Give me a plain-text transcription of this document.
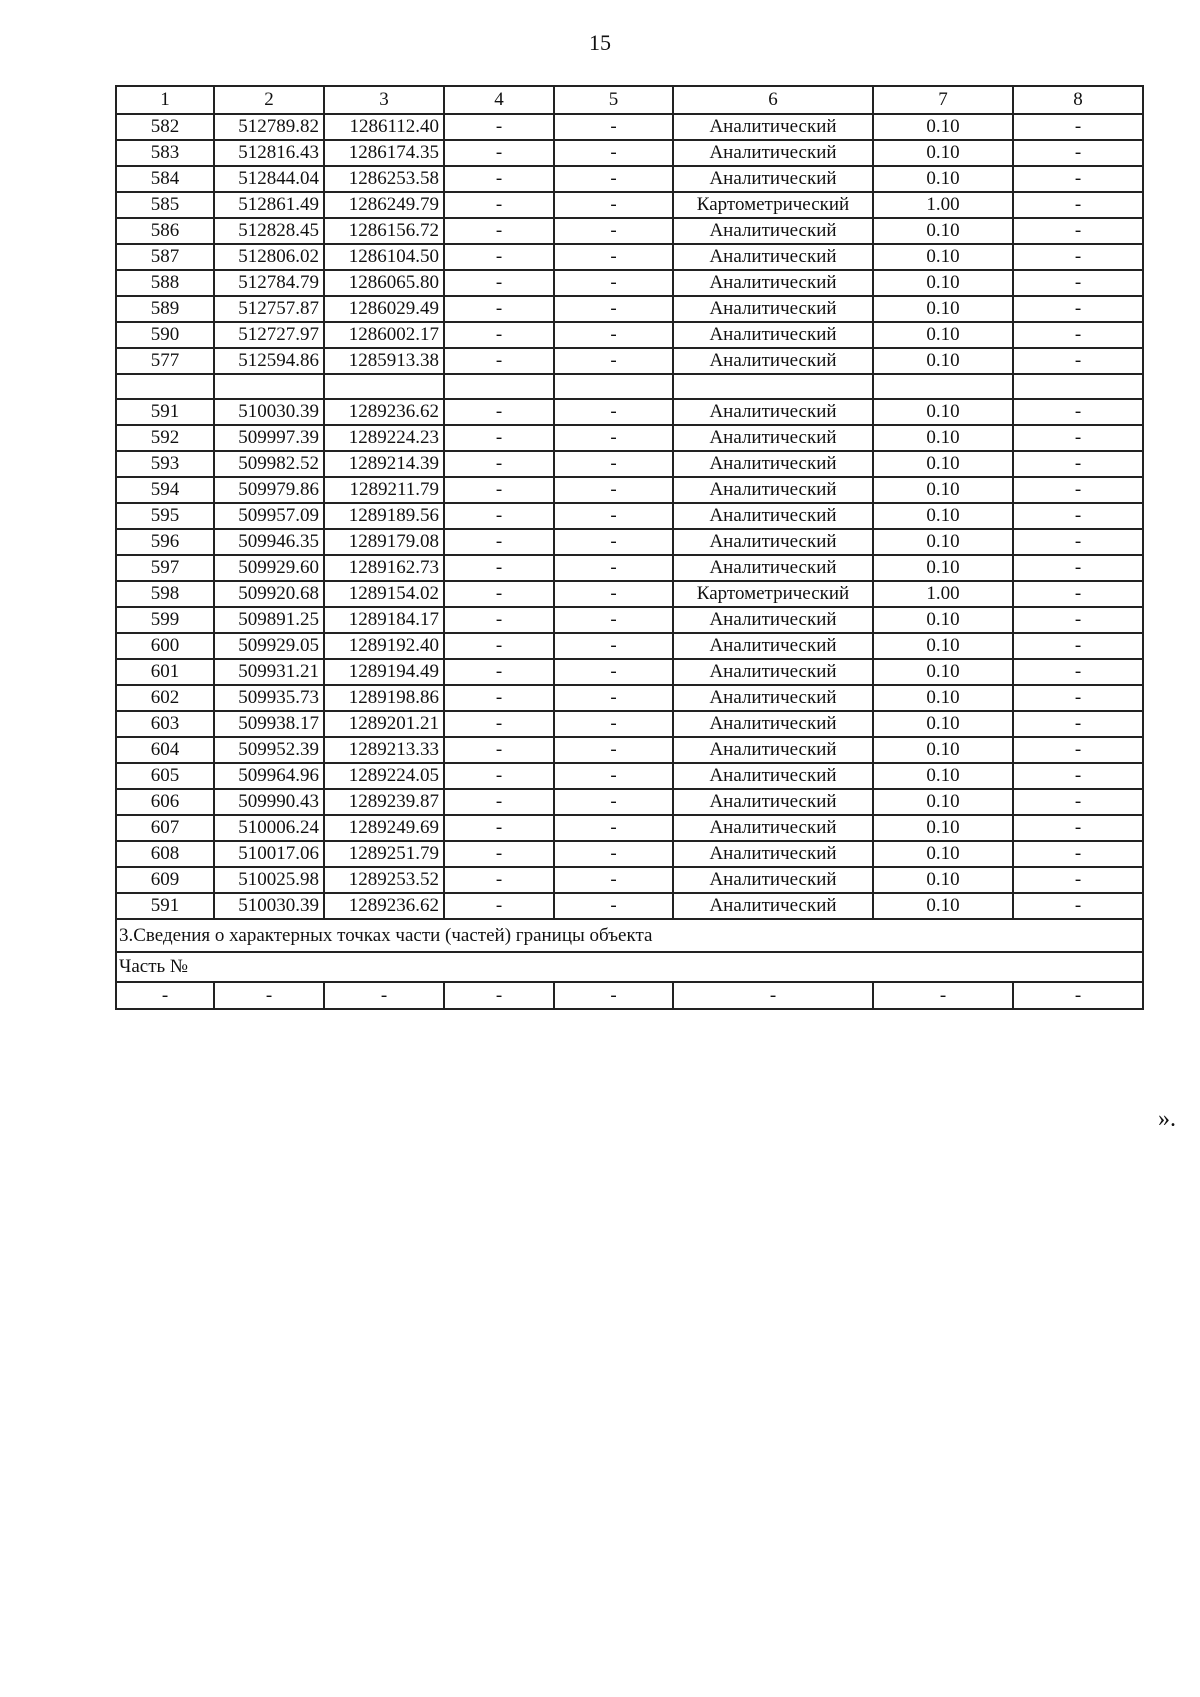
15
1	2	3	4	5	6	7	8
582	512789.82	1286112.40	-	-	Аналитический	0.10	-
583	512816.43	1286174.35	-	-	Аналитический	0.10	-
584	512844.04	1286253.58	-	-	Аналитический	0.10	-
585	512861.49	1286249.79	-	-	Картометрический	1.00	-
586	512828.45	1286156.72	-	-	Аналитический	0.10	-
587	512806.02	1286104.50	-	-	Аналитический	0.10	-
588	512784.79	1286065.80	-	-	Аналитический	0.10	-
589	512757.87	1286029.49	-	-	Аналитический	0.10	-
590	512727.97	1286002.17	-	-	Аналитический	0.10	-
577	512594.86	1285913.38	-	-	Аналитический	0.10	-

591	510030.39	1289236.62	-	-	Аналитический	0.10	-
592	509997.39	1289224.23	-	-	Аналитический	0.10	-
593	509982.52	1289214.39	-	-	Аналитический	0.10	-
594	509979.86	1289211.79	-	-	Аналитический	0.10	-
595	509957.09	1289189.56	-	-	Аналитический	0.10	-
596	509946.35	1289179.08	-	-	Аналитический	0.10	-
597	509929.60	1289162.73	-	-	Аналитический	0.10	-
598	509920.68	1289154.02	-	-	Картометрический	1.00	-
599	509891.25	1289184.17	-	-	Аналитический	0.10	-
600	509929.05	1289192.40	-	-	Аналитический	0.10	-
601	509931.21	1289194.49	-	-	Аналитический	0.10	-
602	509935.73	1289198.86	-	-	Аналитический	0.10	-
603	509938.17	1289201.21	-	-	Аналитический	0.10	-
604	509952.39	1289213.33	-	-	Аналитический	0.10	-
605	509964.96	1289224.05	-	-	Аналитический	0.10	-
606	509990.43	1289239.87	-	-	Аналитический	0.10	-
607	510006.24	1289249.69	-	-	Аналитический	0.10	-
608	510017.06	1289251.79	-	-	Аналитический	0.10	-
609	510025.98	1289253.52	-	-	Аналитический	0.10	-
591	510030.39	1289236.62	-	-	Аналитический	0.10	-
3.Сведения о характерных точках части (частей) границы объекта							
Часть №							
-	-	-	-	-	-	-	-
».
